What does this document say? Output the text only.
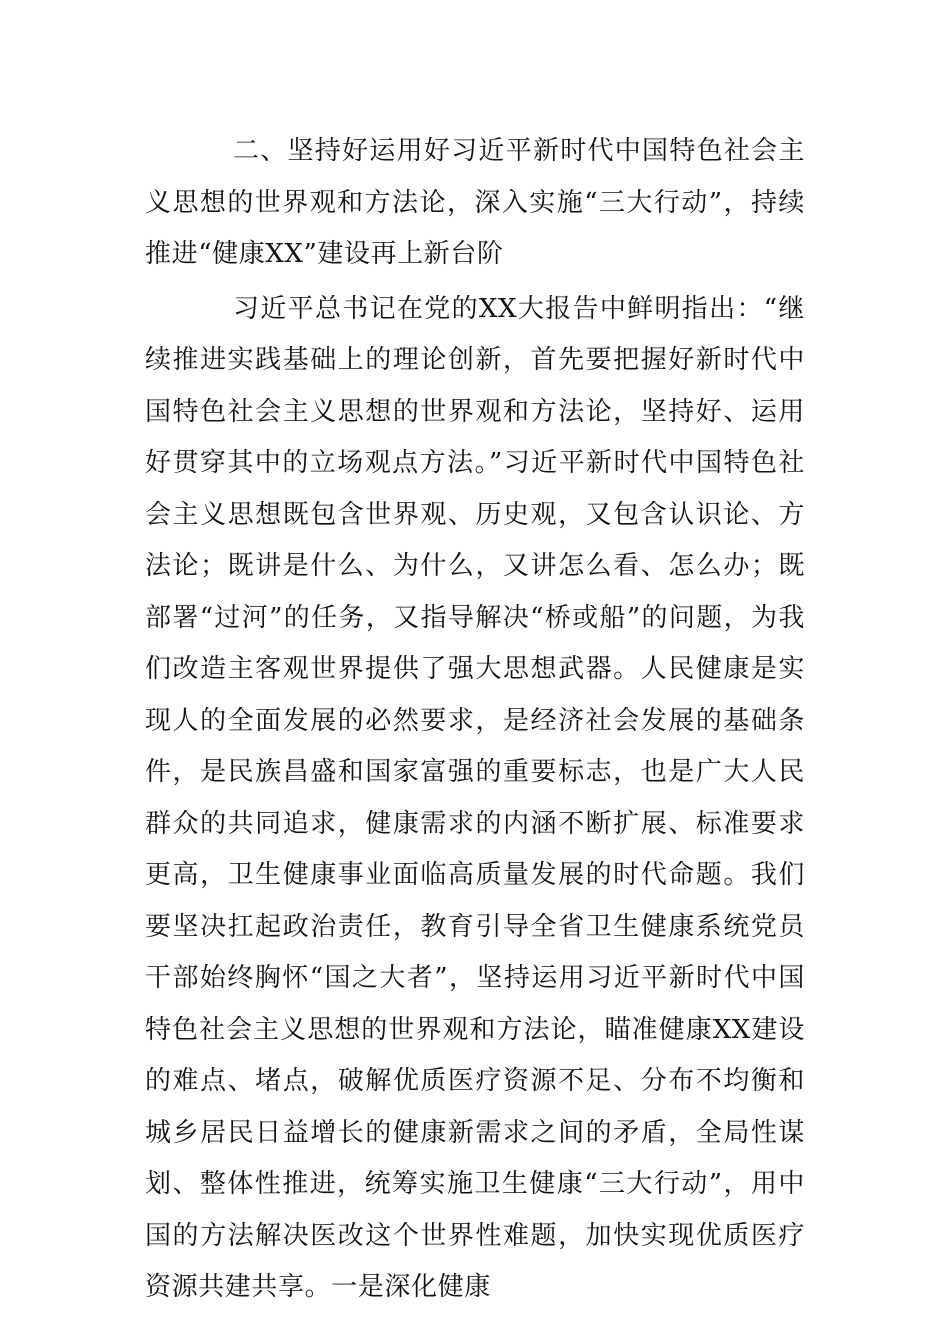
二、坚持好运用好习近平新时代中国特色社会主义思想的世界观和方法论，深入实施“三大行动”，持续推进“健康XX”建设再上新台阶

习近平总书记在党的XX大报告中鲜明指出：“继续推进实践基础上的理论创新，首先要把握好新时代中国特色社会主义思想的世界观和方法论，坚持好、运用好贯穿其中的立场观点方法。”习近平新时代中国特色社会主义思想既包含世界观、历史观，又包含认识论、方法论；既讲是什么、为什么，又讲怎么看、怎么办；既部署“过河”的任务，又指导解决“桥或船”的问题，为我们改造主客观世界提供了强大思想武器。人民健康是实现人的全面发展的必然要求，是经济社会发展的基础条件，是民族昌盛和国家富强的重要标志，也是广大人民群众的共同追求，健康需求的内涵不断扩展、标准要求更高，卫生健康事业面临高质量发展的时代命题。我们要坚决扛起政治责任，教育引导全省卫生健康系统党员干部始终胸怀“国之大者”，坚持运用习近平新时代中国特色社会主义思想的世界观和方法论，瞄准健康XX建设的难点、堵点，破解优质医疗资源不足、分布不均衡和城乡居民日益增长的健康新需求之间的矛盾，全局性谋划、整体性推进，统筹实施卫生健康“三大行动”，用中国的方法解决医改这个世界性难题，加快实现优质医疗资源共建共享。一是深化健康
